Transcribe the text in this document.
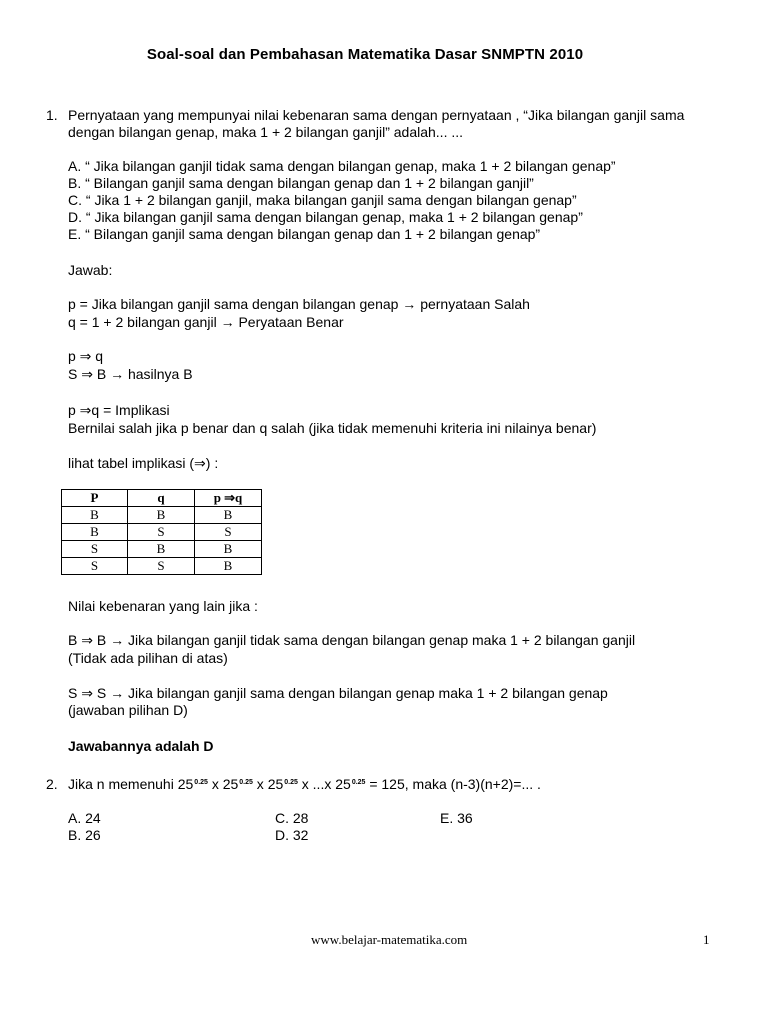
Soal-soal dan Pembahasan Matematika Dasar SNMPTN 2010
1. Pernyataan yang mempunyai nilai kebenaran sama dengan pernyataan , “Jika bilangan ganjil sama
dengan bilangan genap, maka 1 + 2 bilangan ganjil” adalah... ...
A. “ Jika bilangan ganjil tidak sama dengan bilangan genap, maka 1 + 2 bilangan genap”
B. “ Bilangan ganjil sama dengan bilangan genap dan 1 + 2 bilangan ganjil”
C. “ Jika 1 + 2 bilangan ganjil, maka bilangan ganjil sama dengan bilangan genap”
D. “ Jika bilangan ganjil sama dengan bilangan genap, maka 1 + 2 bilangan genap”
E. “ Bilangan ganjil sama dengan bilangan genap dan 1 + 2 bilangan genap”
Jawab:
p = Jika bilangan ganjil sama dengan bilangan genap → pernyataan Salah
q = 1 + 2 bilangan ganjil → Peryataan Benar
p ⇒ q
S ⇒ B → hasilnya B
p ⇒q = Implikasi
Bernilai salah jika p benar dan q salah (jika tidak memenuhi kriteria ini nilainya benar)
lihat tabel implikasi (⇒) :
P	q	p ⇒q
B	B	B
B	S	S
S	B	B
S	S	B
Nilai kebenaran yang lain jika :
B ⇒ B → Jika bilangan ganjil tidak sama dengan bilangan genap maka 1 + 2 bilangan ganjil
(Tidak ada pilihan di atas)
S ⇒ S → Jika bilangan ganjil sama dengan bilangan genap maka 1 + 2 bilangan genap
(jawaban pilihan D)
Jawabannya adalah D
2. Jika n memenuhi $25^{0.25}$ x $25^{0.25}$ x $25^{0.25}$ x ...x $25^{0.25} = 125$, maka (n-3)(n+2)=... .
A. 24
B. 26
C. 28
D. 32
E. 36
www.belajar-matematika.com	1
